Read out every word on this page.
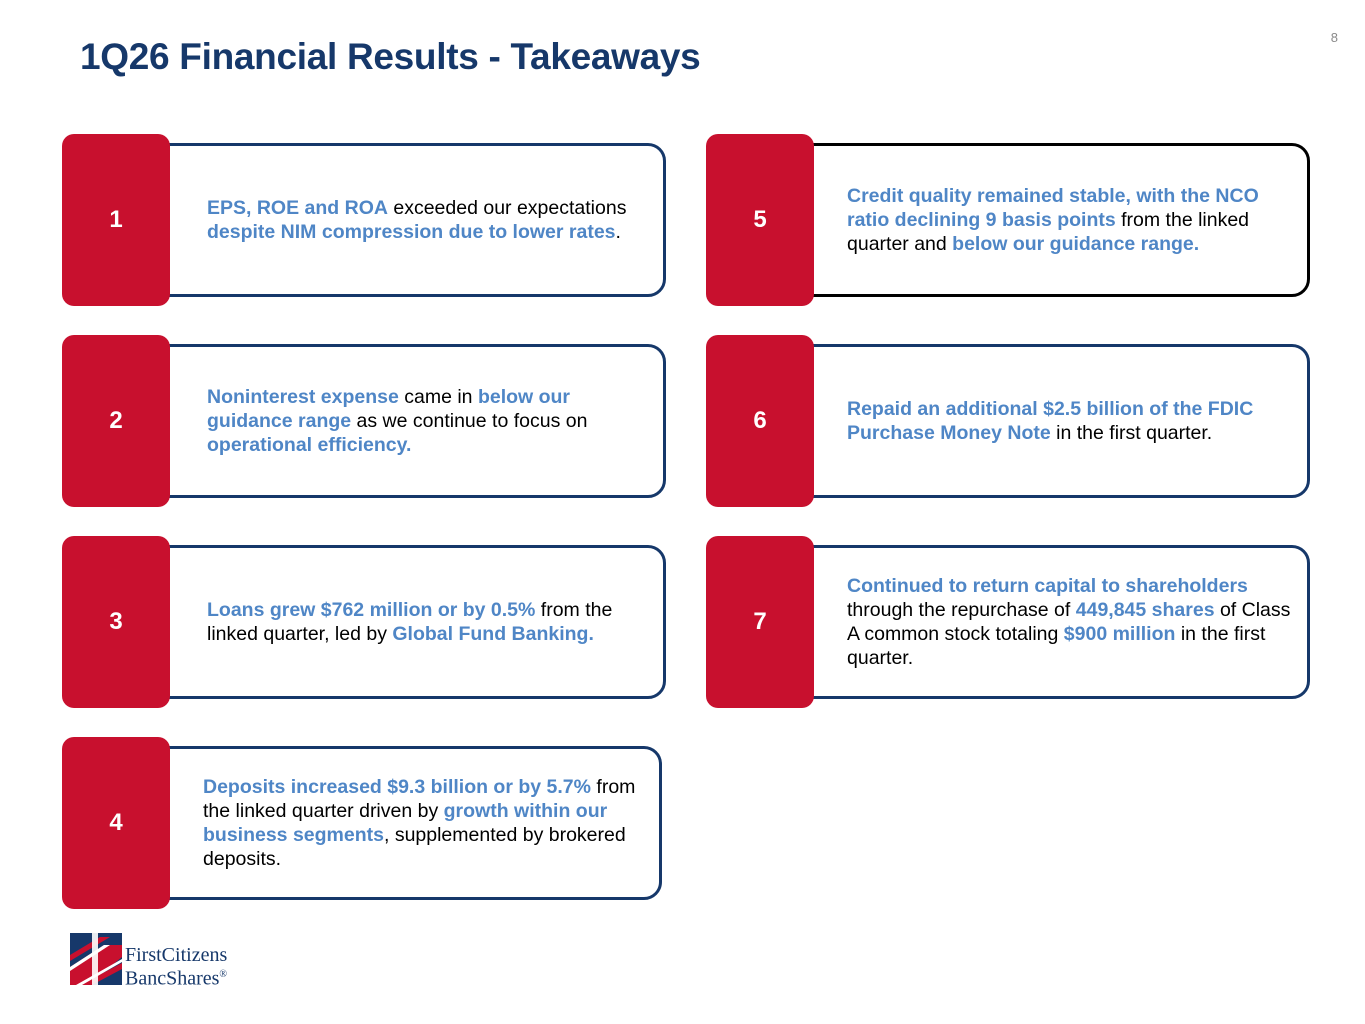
8
1Q26 Financial Results - Takeaways
1	EPS, ROE and ROA exceeded our expectations despite NIM compression due to lower rates.

2

Noninterest expense came in below our guidance range as we continue to focus on operational efficiency.

3	Loans grew $762 million or by 0.5% from the linked quarter, led by Global Fund Banking.

4

Deposits increased $9.3 billion or by 5.7% from the linked quarter driven by growth within our business segments, supplemented by brokered deposits.

5

Credit quality remained stable, with the NCO ratio declining 9 basis points from the linked quarter and below our guidance range.

6	Repaid an additional $2.5 billion of the FDIC Purchase Money Note in the first quarter.

7

Continued to return capital to shareholders through the repurchase of 449,845 shares of Class A common stock totaling $900 million in the first quarter.

FirstCitizens
BancShares®
